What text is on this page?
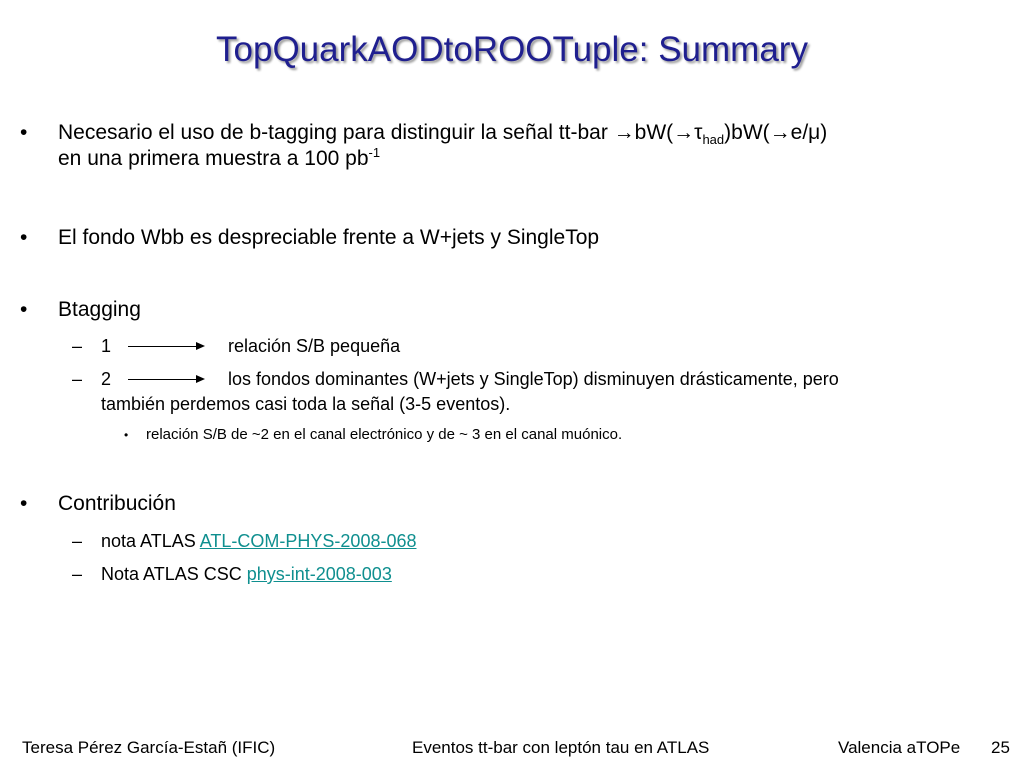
TopQuarkAODtoROOTuple: Summary
• Necesario el uso de b-tagging para distinguir la señal $tt-bar \to bW(\to\tau_{had})bW(\to e/\mu)$
en una primera muestra a 100 $pb^{-1}$
• El fondo Wbb es despreciable frente a W+jets y SingleTop
• Btagging
– 1	relación S/B pequeña
– 2	los fondos dominantes (W+jets y SingleTop) disminuyen drásticamente, pero
también perdemos casi toda la señal (3-5 eventos).
• relación S/B de ~2 en el canal electrónico y de ~ 3 en el canal muónico.
• Contribución
– nota ATLAS ATL-COM-PHYS-2008-068
– Nota ATLAS CSC phys-int-2008-003
Teresa Pérez García-Estañ (IFIC)	Eventos tt-bar con leptón tau en ATLAS	Valencia aTOPe 25
